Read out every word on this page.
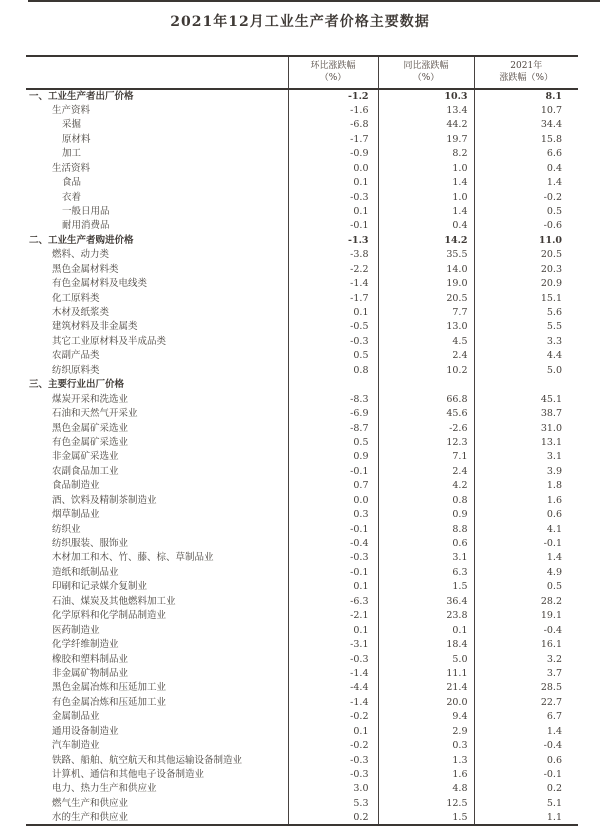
2021年12月工业生产者价格主要数据

环比涨跌幅
（%）

同比涨跌幅
（%）

2021年
涨跌幅（%）

一、工业生产者出厂价格	-1.2	10.3	8.1
生产资料	-1.6	13.4	10.7
采掘	-6.8	44.2	34.4
原材料	-1.7	19.7	15.8
加工	-0.9	8.2	6.6
生活资料	0.0	1.0	0.4
食品	0.1	1.4	1.4
衣着	-0.3	1.0	-0.2
一般日用品	0.1	1.4	0.5
耐用消费品	-0.1	0.4	-0.6
二、工业生产者购进价格	-1.3	14.2	11.0
燃料、动力类	-3.8	35.5	20.5
黑色金属材料类	-2.2	14.0	20.3
有色金属材料及电线类	-1.4	19.0	20.9
化工原料类	-1.7	20.5	15.1
木材及纸浆类	0.1	7.7	5.6
建筑材料及非金属类	-0.5	13.0	5.5
其它工业原材料及半成品类	-0.3	4.5	3.3
农副产品类	0.5	2.4	4.4
纺织原料类	0.8	10.2	5.0
三、主要行业出厂价格			
煤炭开采和洗选业	-8.3	66.8	45.1
石油和天然气开采业	-6.9	45.6	38.7
黑色金属矿采选业	-8.7	-2.6	31.0
有色金属矿采选业	0.5	12.3	13.1
非金属矿采选业	0.9	7.1	3.1
农副食品加工业	-0.1	2.4	3.9
食品制造业	0.7	4.2	1.8
酒、饮料及精制茶制造业	0.0	0.8	1.6
烟草制品业	0.3	0.9	0.6
纺织业	-0.1	8.8	4.1
纺织服装、服饰业	-0.4	0.6	-0.1
木材加工和木、竹、藤、棕、草制品业	-0.3	3.1	1.4
造纸和纸制品业	-0.1	6.3	4.9
印刷和记录媒介复制业	0.1	1.5	0.5
石油、煤炭及其他燃料加工业	-6.3	36.4	28.2
化学原料和化学制品制造业	-2.1	23.8	19.1
医药制造业	0.1	0.1	-0.4
化学纤维制造业	-3.1	18.4	16.1
橡胶和塑料制品业	-0.3	5.0	3.2
非金属矿物制品业	-1.4	11.1	3.7
黑色金属冶炼和压延加工业	-4.4	21.4	28.5
有色金属冶炼和压延加工业	-1.4	20.0	22.7
金属制品业	-0.2	9.4	6.7
通用设备制造业	0.1	2.9	1.4
汽车制造业	-0.2	0.3	-0.4
铁路、船舶、航空航天和其他运输设备制造业	-0.3	1.3	0.6
计算机、通信和其他电子设备制造业	-0.3	1.6	-0.1
电力、热力生产和供应业	3.0	4.8	0.2
燃气生产和供应业	5.3	12.5	5.1
水的生产和供应业	0.2	1.5	1.1
